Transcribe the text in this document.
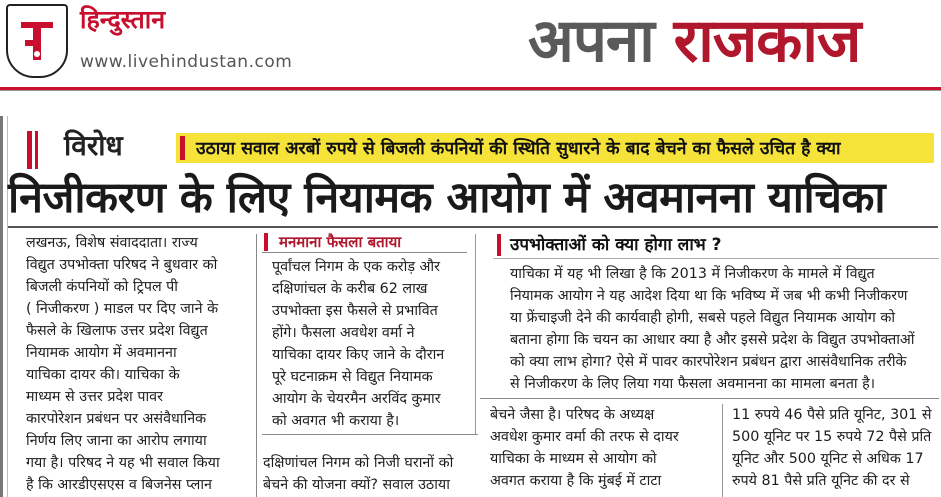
हिन्दुस्तान
www.livehindustan.com	अपना राजकाज
विरोध	उठाया सवाल अरबों रुपये से बिजली कंपनियों की स्थिति सुधारने के बाद बेचने का फैसले उचित है क्या
निजीकरण के लिए नियामक आयोग में अवमानना याचिका
लखनऊ, विशेष संवाददाता। राज्य
विद्युत उपभोक्ता परिषद ने बुधवार को
बिजली कंपनियों को ट्रिपल पी
( निजीकरण ) माडल पर दिए जाने के
फैसले के खिलाफ उत्तर प्रदेश विद्युत
नियामक आयोग में अवमानना
याचिका दायर की। याचिका के
माध्यम से उत्तर प्रदेश पावर
कारपोरेशन प्रबंधन पर असंवैधानिक
निर्णय लिए जाना का आरोप लगाया
गया है। परिषद ने यह भी सवाल किया
है कि आरडीएसएस व बिजनेस प्लान
मनमाना फैसला बताया
पूर्वांचल निगम के एक करोड़ और
दक्षिणांचल के करीब 62 लाख
उपभोक्ता इस फैसले से प्रभावित
होंगे। फैसला अवधेश वर्मा ने
याचिका दायर किए जाने के दौरान
पूरे घटनाक्रम से विद्युत नियामक
आयोग के चेयरमैन अरविंद कुमार
को अवगत भी कराया है।
दक्षिणांचल निगम को निजी घरानों को
बेचने की योजना क्यों? सवाल उठाया
उपभोक्ताओं को क्या होगा लाभ ?
याचिका में यह भी लिखा है कि 2013 में निजीकरण के मामले में विद्युत
नियामक आयोग ने यह आदेश दिया था कि भविष्य में जब भी कभी निजीकरण
या फ्रेंचाइजी देने की कार्यवाही होगी, सबसे पहले विद्युत नियामक आयोग को
बताना होगा कि चयन का आधार क्या है और इससे प्रदेश के विद्युत उपभोक्ताओं
को क्या लाभ होगा? ऐसे में पावर कारपोरेशन प्रबंधन द्वारा आसंवैधानिक तरीके
से निजीकरण के लिए लिया गया फैसला अवमानना का मामला बनता है।
बेचने जैसा है। परिषद के अध्यक्ष
अवधेश कुमार वर्मा की तरफ से दायर
याचिका के माध्यम से आयोग को
अवगत कराया है कि मुंबई में टाटा
11 रुपये 46 पैसे प्रति यूनिट, 301 से
500 यूनिट पर 15 रुपये 72 पैसे प्रति
यूनिट और 500 यूनिट से अधिक 17
रुपये 81 पैसे प्रति यूनिट की दर से
